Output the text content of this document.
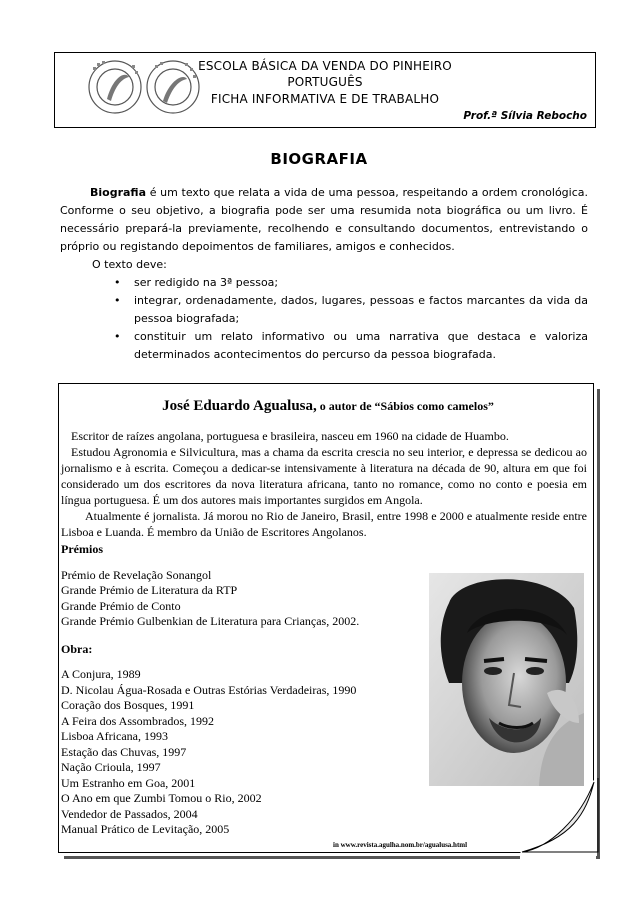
ESCOLA BÁSICA DA VENDA DO PINHEIRO
PORTUGUÊS
FICHA INFORMATIVA E DE TRABALHO
Prof.ª Sílvia Rebocho
BIOGRAFIA

Biografia é um texto que relata a vida de uma pessoa, respeitando a ordem cronológica. Conforme o seu objetivo, a biografia pode ser uma resumida nota biográfica ou um livro. É necessário prepará-la previamente, recolhendo e consultando documentos, entrevistando o próprio ou registando depoimentos de familiares, amigos e conhecidos.

O texto deve:

• ser redigido na 3ª pessoa;
• integrar, ordenadamente, dados, lugares, pessoas e factos marcantes da vida da pessoa biografada;
• constituir um relato informativo ou uma narrativa que destaca e valoriza determinados acontecimentos do percurso da pessoa biografada.
José Eduardo Agualusa, o autor de “Sábios como camelos”

Escritor de raízes angolana, portuguesa e brasileira, nasceu em 1960 na cidade de Huambo.

Estudou Agronomia e Silvicultura, mas a chama da escrita crescia no seu interior, e depressa se dedicou ao jornalismo e à escrita. Começou a dedicar-se intensivamente à literatura na década de 90, altura em que foi considerado um dos escritores da nova literatura africana, tanto no romance, como no conto e poesia em língua portuguesa. É um dos autores mais importantes surgidos em Angola.

Atualmente é jornalista. Já morou no Rio de Janeiro, Brasil, entre 1998 e 2000 e atualmente reside entre Lisboa e Luanda. É membro da União de Escritores Angolanos.

Prémios
Prémio de Revelação Sonangol
Grande Prémio de Literatura da RTP
Grande Prémio de Conto
Grande Prémio Gulbenkian de Literatura para Crianças, 2002.
Obra:
A Conjura, 1989
D. Nicolau Água-Rosada e Outras Estórias Verdadeiras, 1990
Coração dos Bosques, 1991
A Feira dos Assombrados, 1992
Lisboa Africana, 1993
Estação das Chuvas, 1997
Nação Crioula, 1997
Um Estranho em Goa, 2001
O Ano em que Zumbi Tomou o Rio, 2002
Vendedor de Passados, 2004
Manual Prático de Levitação, 2005
in www.revista.agulha.nom.br/agualusa.html
